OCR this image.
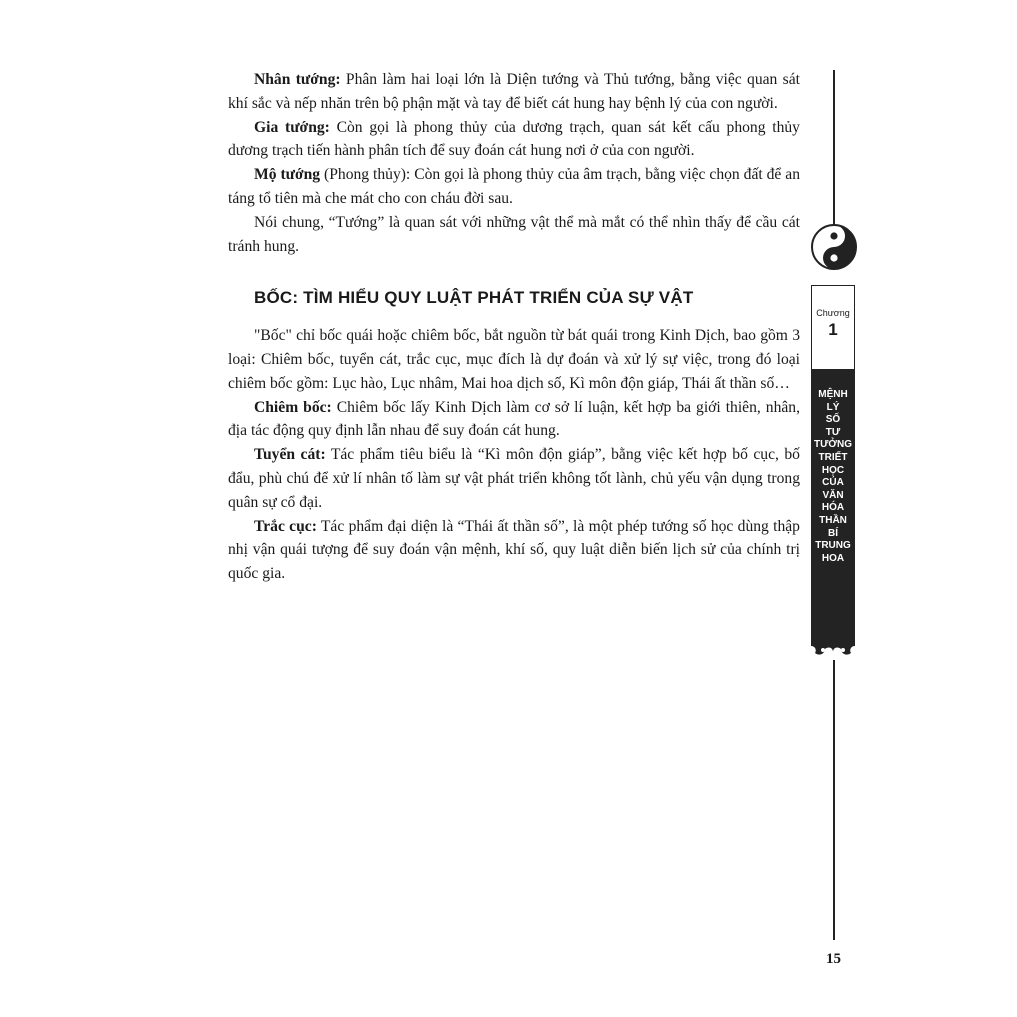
Nhân tướng: Phân làm hai loại lớn là Diện tướng và Thủ tướng, bằng việc quan sát khí sắc và nếp nhăn trên bộ phận mặt và tay để biết cát hung hay bệnh lý của con người.

Gia tướng: Còn gọi là phong thủy của dương trạch, quan sát kết cấu phong thủy dương trạch tiến hành phân tích để suy đoán cát hung nơi ở của con người.

Mộ tướng (Phong thủy): Còn gọi là phong thủy của âm trạch, bằng việc chọn đất để an táng tổ tiên mà che mát cho con cháu đời sau.

Nói chung, “Tướng” là quan sát với những vật thể mà mắt có thể nhìn thấy để cầu cát tránh hung.

BỐC: TÌM HIỂU QUY LUẬT PHÁT TRIỂN CỦA SỰ VẬT

"Bốc" chỉ bốc quái hoặc chiêm bốc, bắt nguồn từ bát quái trong Kinh Dịch, bao gồm 3 loại: Chiêm bốc, tuyển cát, trắc cục, mục đích là dự đoán và xử lý sự việc, trong đó loại chiêm bốc gồm: Lục hào, Lục nhâm, Mai hoa dịch số, Kì môn độn giáp, Thái ất thần số…

Chiêm bốc: Chiêm bốc lấy Kinh Dịch làm cơ sở lí luận, kết hợp ba giới thiên, nhân, địa tác động quy định lẫn nhau để suy đoán cát hung.

Tuyển cát: Tác phẩm tiêu biểu là “Kì môn độn giáp”, bằng việc kết hợp bố cục, bố đẩu, phù chú để xử lí nhân tố làm sự vật phát triển không tốt lành, chủ yếu vận dụng trong quân sự cổ đại.

Trắc cục: Tác phẩm đại diện là “Thái ất thần số”, là một phép tướng số học dùng thập nhị vận quái tượng để suy đoán vận mệnh, khí số, quy luật diễn biến lịch sử của chính trị quốc gia.

Chương
1
MỆNH
LÝ
SỐ
TƯ
TƯỞNG
TRIẾT
HỌC
CỦA
VĂN
HÓA
THẦN
BÍ
TRUNG
HOA
15
